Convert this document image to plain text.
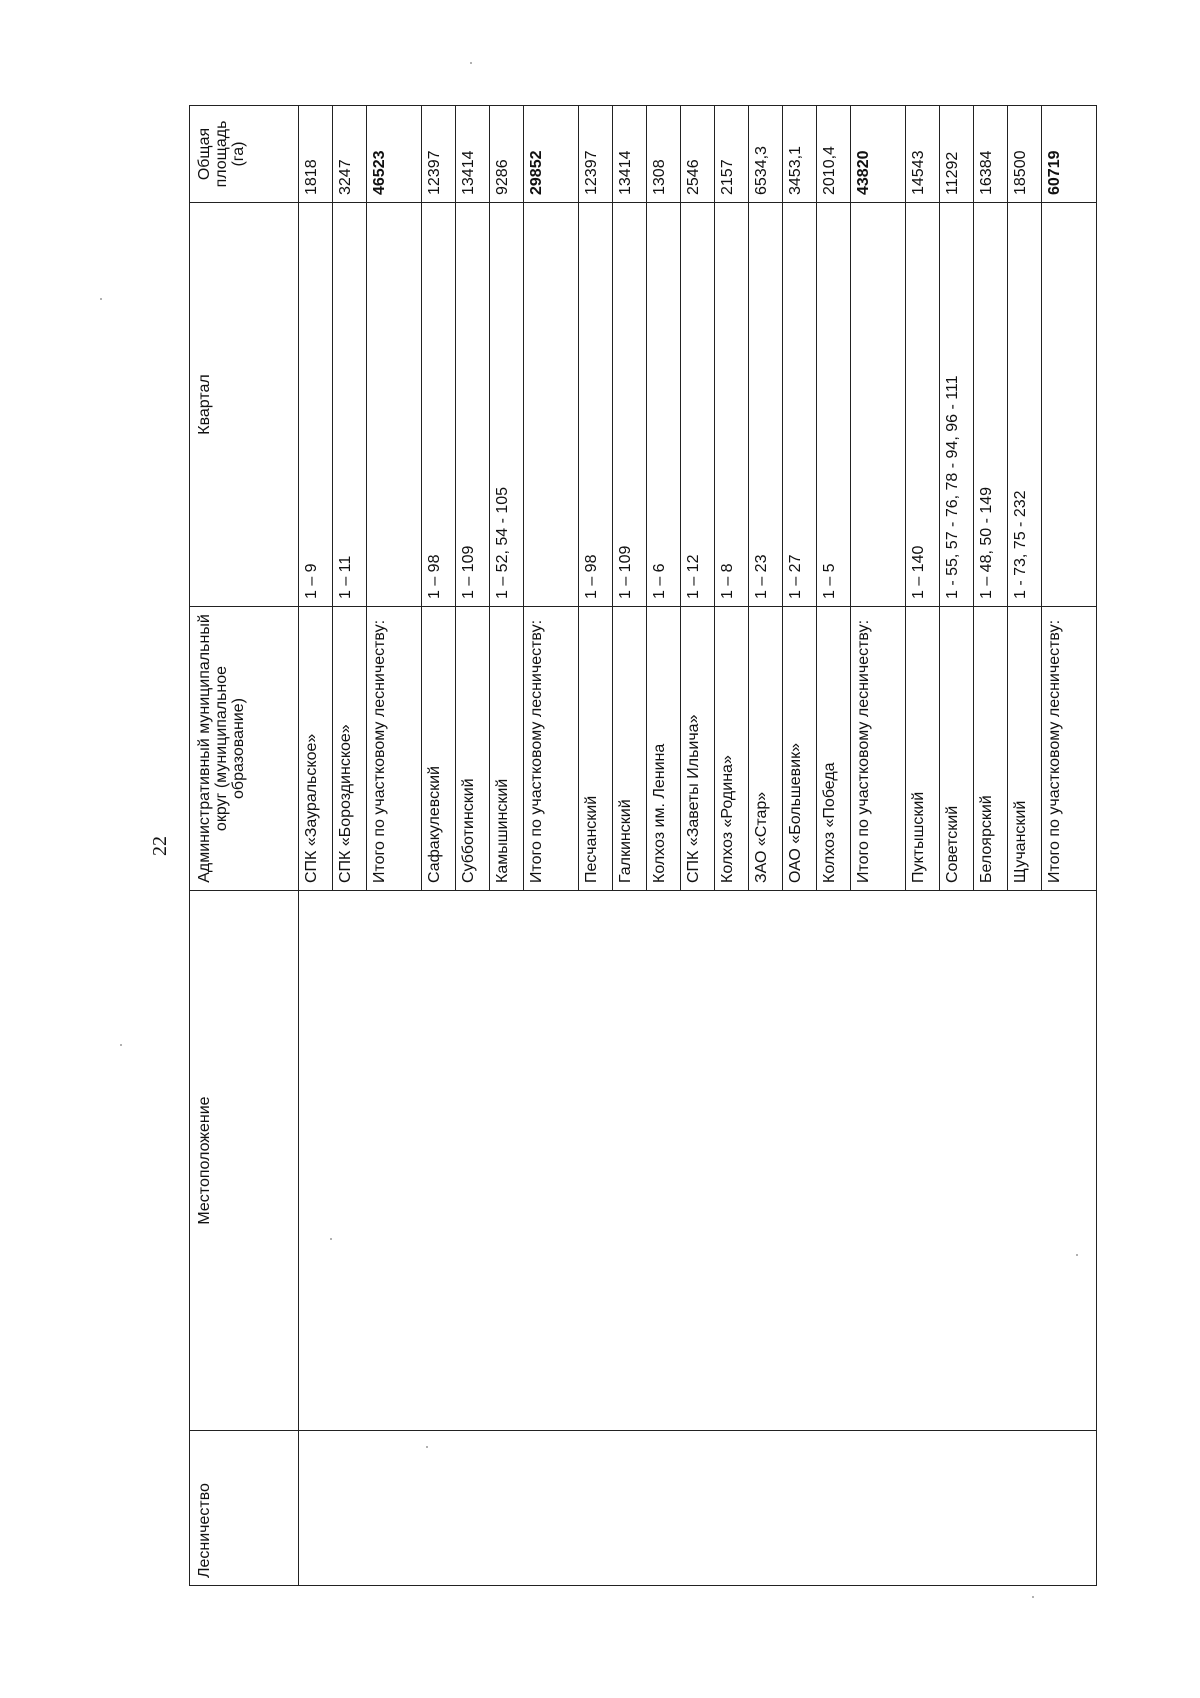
22
Лесничество	Местоположение	Административный муниципальный округ (муниципальное образование)	Квартал	Общая площадь (га)
		СПК «Зауральское»	1 – 9	1818
		СПК «Бороздинское»	1 – 11	3247
		Итого по участковому лесничеству:		46523
		Сафакулевский	1 – 98	12397
		Субботинский	1 – 109	13414
		Камышинский	1 – 52, 54 - 105	9286
		Итого по участковому лесничеству:		29852
		Песчанский	1 – 98	12397
		Галкинский	1 – 109	13414
		Колхоз им. Ленина	1 – 6	1308
		СПК «Заветы Ильича»	1 – 12	2546
		Колхоз «Родина»	1 – 8	2157
		ЗАО «Стар»	1 – 23	6534,3
		ОАО «Большевик»	1 – 27	3453,1
		Колхоз «Победа	1 – 5	2010,4
		Итого по участковому лесничеству:		43820
		Пуктышский	1 – 140	14543
		Советский	1 - 55, 57 - 76, 78 - 94, 96 - 111	11292
		Белоярский	1 – 48, 50 - 149	16384
		Щучанский	1 - 73, 75 - 232	18500
		Итого по участковому лесничеству:		60719
